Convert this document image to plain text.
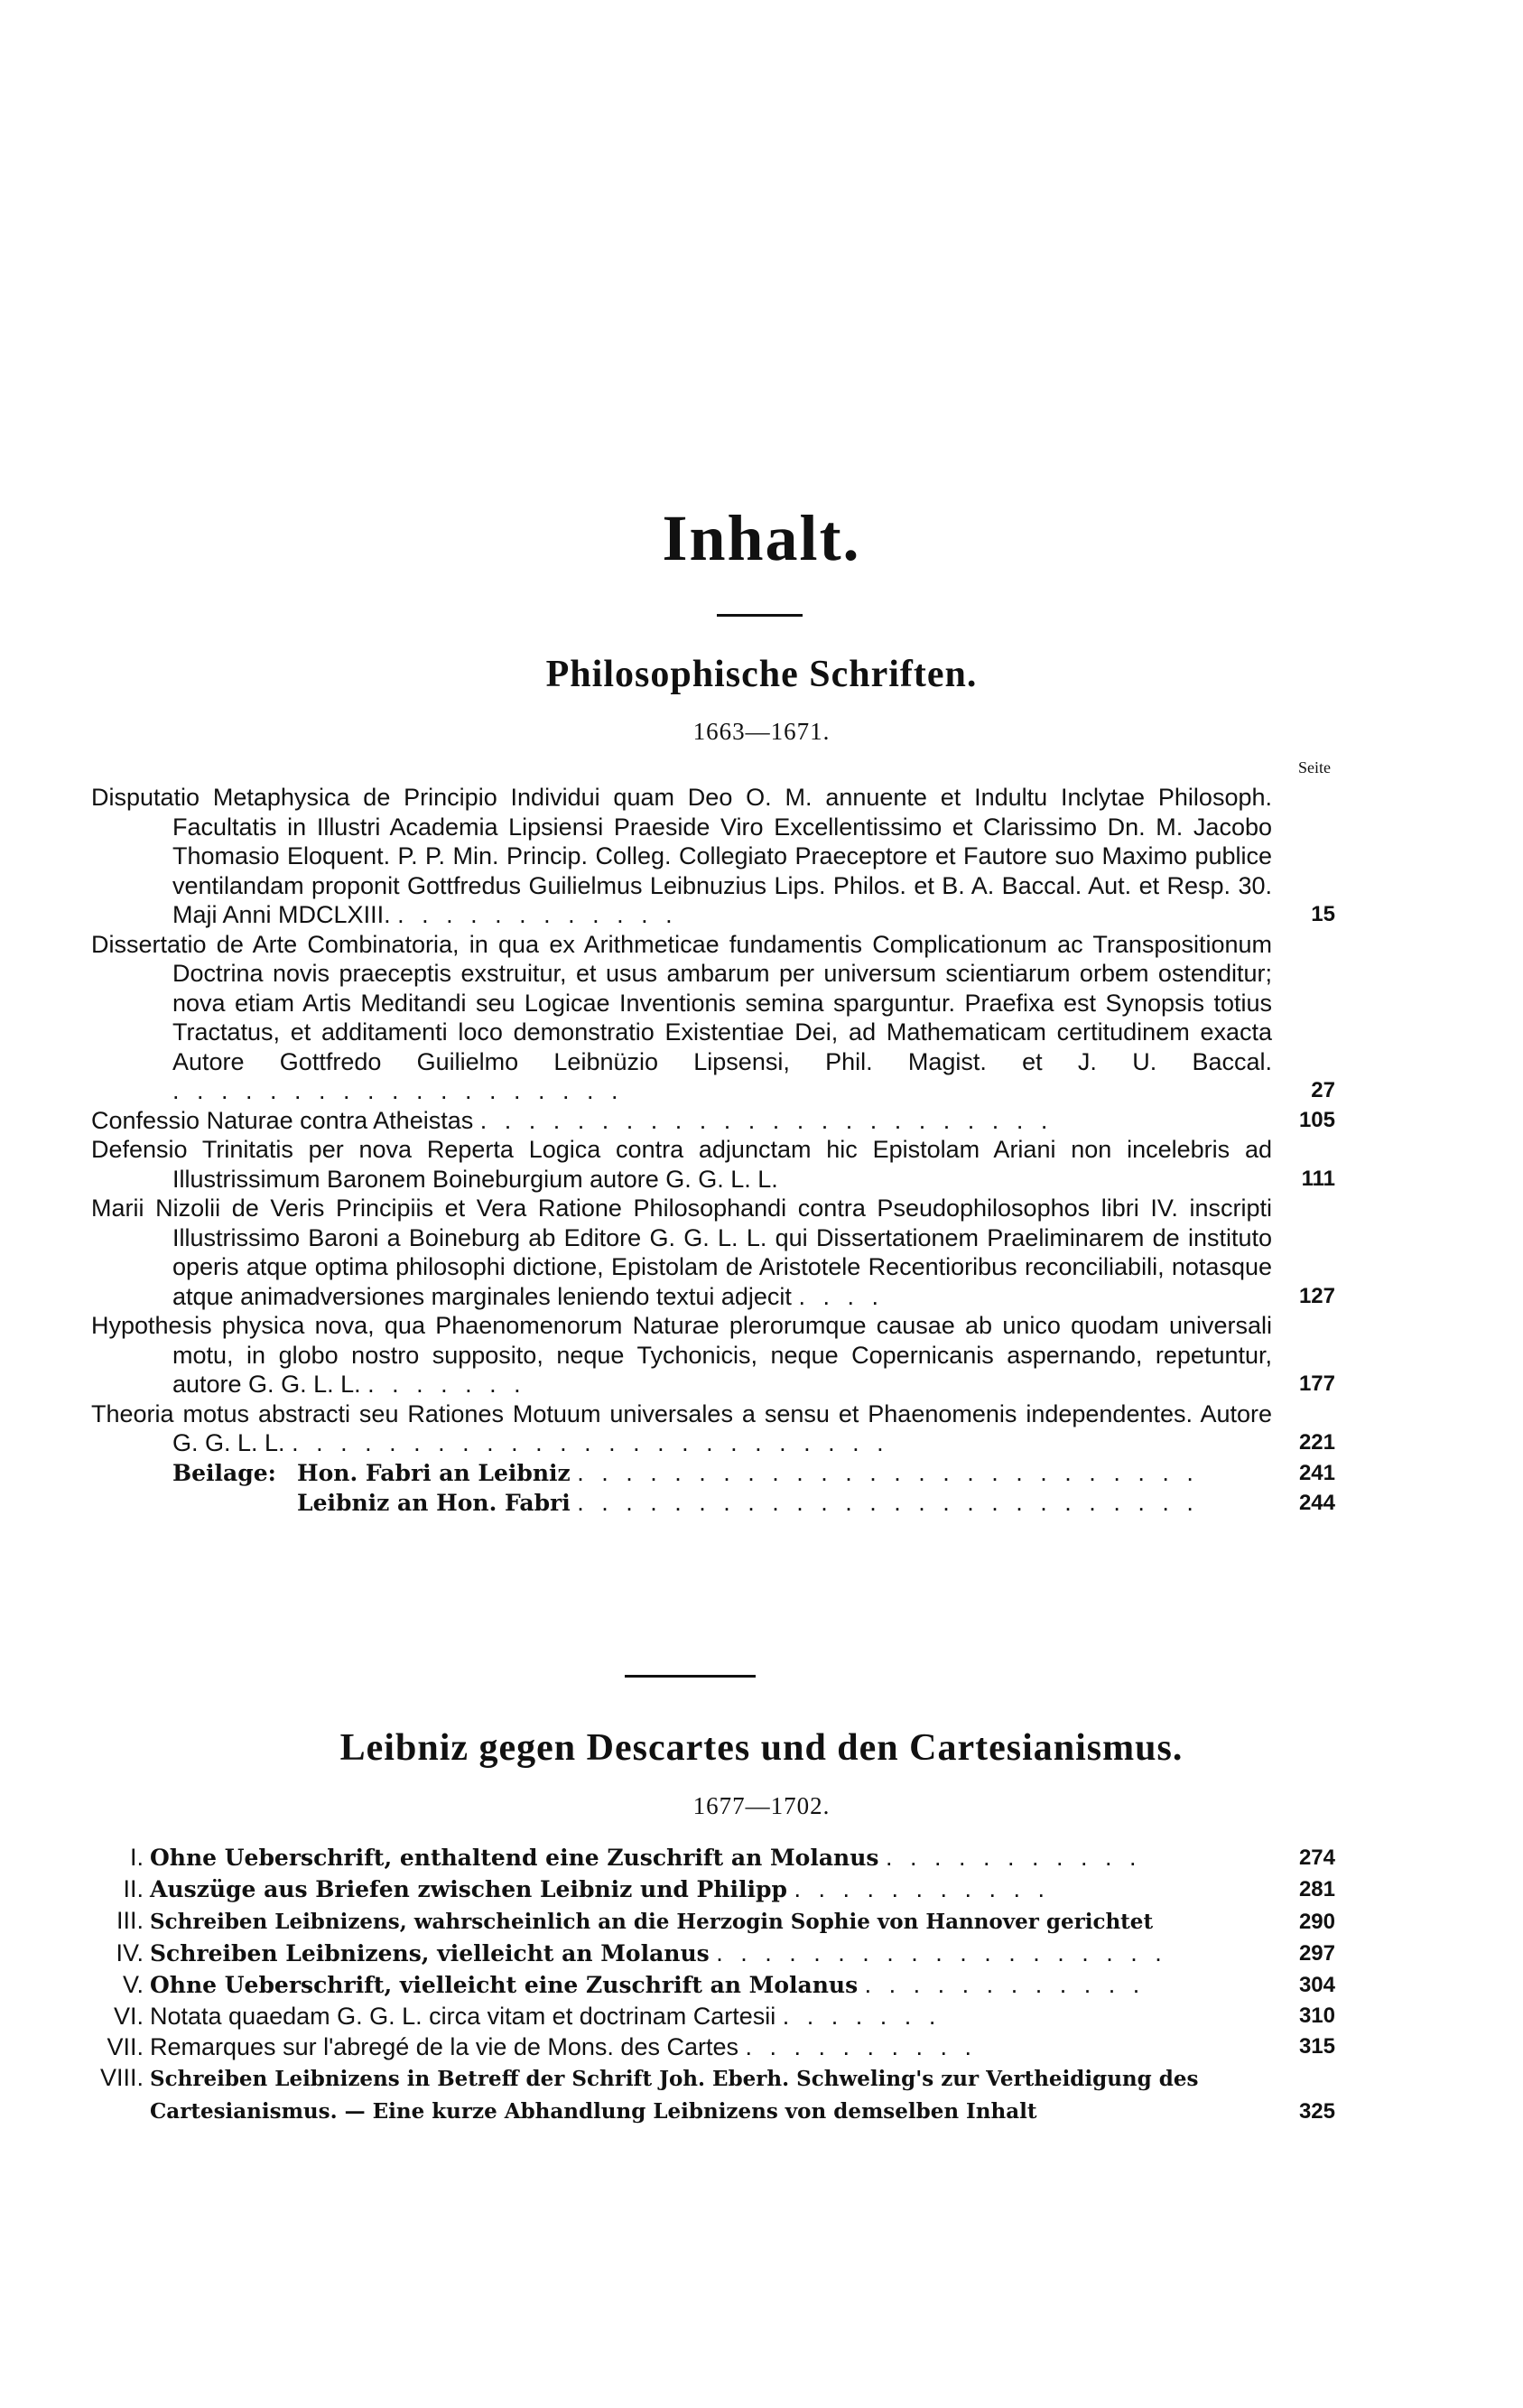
Inhalt.
Philosophische Schriften.
1663—1671.
Seite
Disputatio Metaphysica de Principio Individui quam Deo O. M. annuente et Indultu Inclytae Philosoph. Facultatis in Illustri Academia Lipsiensi Praeside Viro Excellentissimo et Clarissimo Dn. M. Jacobo Thomasio Eloquent. P. P. Min. Princip. Colleg. Collegiato Praeceptore et Fautore suo Maximo publice ventilandam proponit Gottfredus Guilielmus Leibnuzius Lips. Philos. et B. A. Baccal. Aut. et Resp. 30. Maji Anni MDCLXIII. . . . . . . . . . . . .	15
Dissertatio de Arte Combinatoria, in qua ex Arithmeticae fundamentis Complicationum ac Transpositionum Doctrina novis praeceptis exstruitur, et usus ambarum per universum scientiarum orbem ostenditur; nova etiam Artis Meditandi seu Logicae Inventionis semina sparguntur. Praefixa est Synopsis totius Tractatus, et additamenti loco demonstratio Existentiae Dei, ad Mathematicam certitudinem exacta Autore Gottfredo Guilielmo Leibnüzio Lipsensi, Phil. Magist. et J. U. Baccal. . . . . . . . . . . . . . . . . . . .	27
Confessio Naturae contra Atheistas . . . . . . . . . . . . . . . . . . . . . . . .	105
Defensio Trinitatis per nova Reperta Logica contra adjunctam hic Epistolam Ariani non incelebris ad Illustrissimum Baronem Boineburgium autore G. G. L. L.	111
Marii Nizolii de Veris Principiis et Vera Ratione Philosophandi contra Pseudophilosophos libri IV. inscripti Illustrissimo Baroni a Boineburg ab Editore G. G. L. L. qui Dissertationem Praeliminarem de instituto operis atque optima philosophi dictione, Epistolam de Aristotele Recentioribus reconciliabili, notasque atque animadversiones marginales leniendo textui adjecit . . . .	127
Hypothesis physica nova, qua Phaenomenorum Naturae plerorumque causae ab unico quodam universali motu, in globo nostro supposito, neque Tychonicis, neque Copernicanis aspernando, repetuntur, autore G. G. L. L. . . . . . . .	177
Theoria motus abstracti seu Rationes Motuum universales a sensu et Phaenomenis independentes. Autore G. G. L. L. . . . . . . . . . . . . . . . . . . . . . . . . .	221
Beilage: Hon. Fabri an Leibniz . . . . . . . . . . . . . . . . . . . . . . . . . .	241
Leibniz an Hon. Fabri . . . . . . . . . . . . . . . . . . . . . . . . . .	244
Leibniz gegen Descartes und den Cartesianismus.
1677—1702.
I. Ohne Ueberschrift, enthaltend eine Zuschrift an Molanus . . . . . . . . . . .	274
II. Auszüge aus Briefen zwischen Leibniz und Philipp . . . . . . . . . . .	281
III. Schreiben Leibnizens, wahrscheinlich an die Herzogin Sophie von Hannover gerichtet	290
IV. Schreiben Leibnizens, vielleicht an Molanus . . . . . . . . . . . . . . . . . . .	297
V. Ohne Ueberschrift, vielleicht eine Zuschrift an Molanus . . . . . . . . . . . .	304
VI. Notata quaedam G. G. L. circa vitam et doctrinam Cartesii . . . . . . .	310
VII. Remarques sur l'abregé de la vie de Mons. des Cartes . . . . . . . . . .	315
VIII. Schreiben Leibnizens in Betreff der Schrift Joh. Eberh. Schweling's zur Vertheidigung des Cartesianismus. — Eine kurze Abhandlung Leibnizens von demselben Inhalt	325
